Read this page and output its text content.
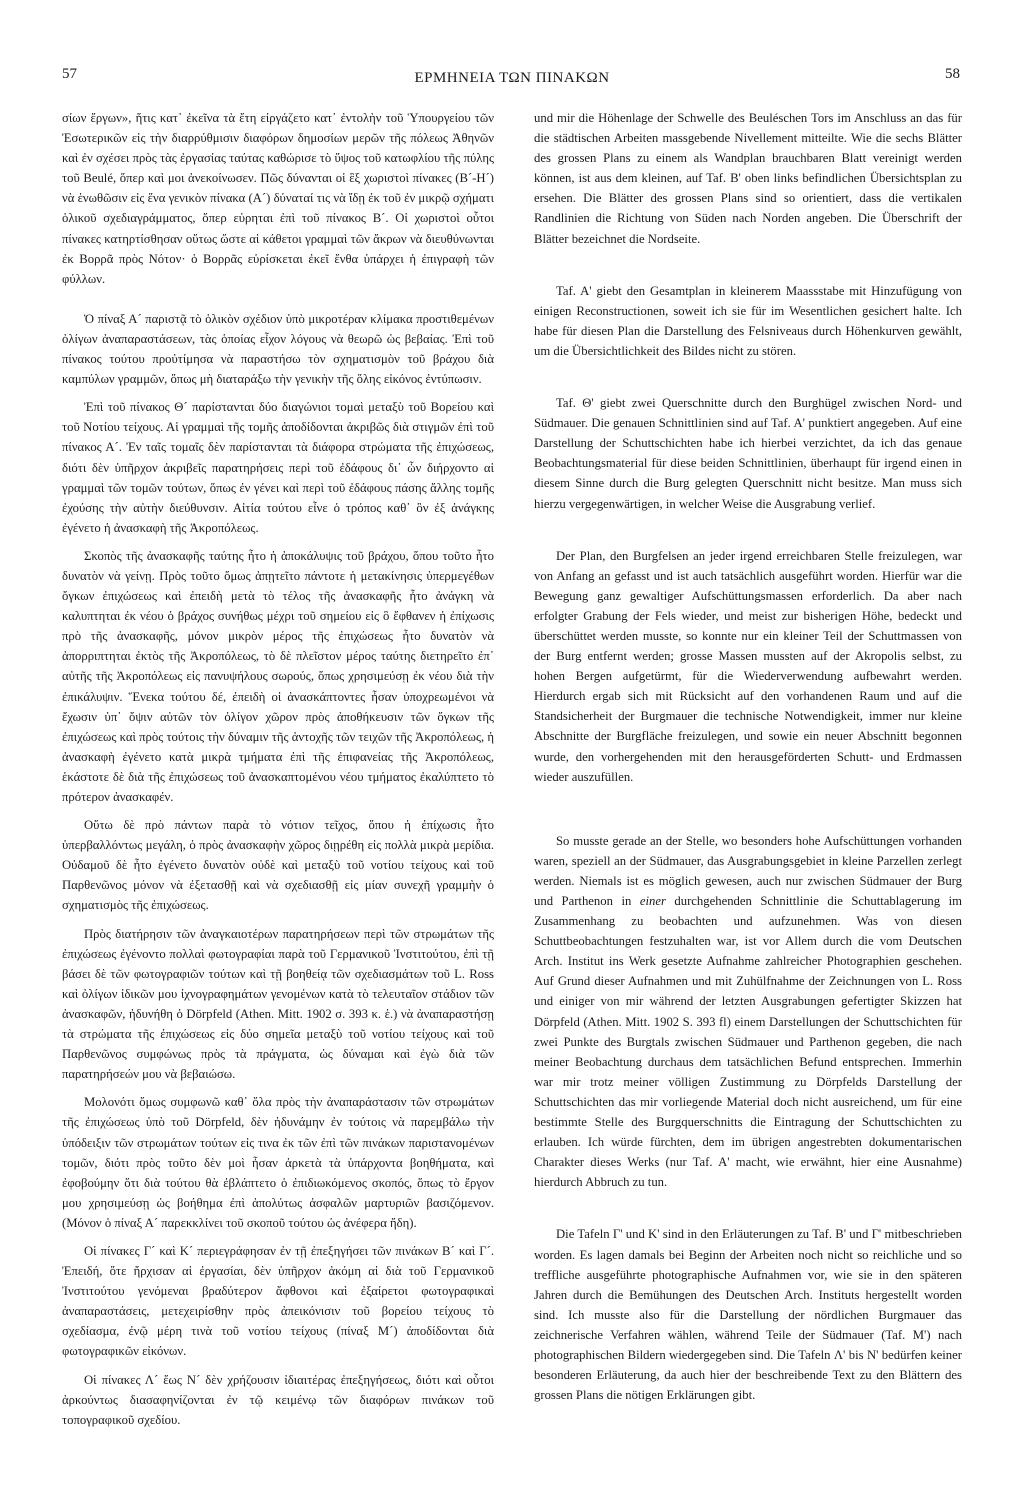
57	ΕΡΜΗΝΕΙΑ ΤΩΝ ΠΙΝΑΚΩΝ	58

σίων ἔργων», ἥτις κατ᾽ ἐκεῖνα τὰ ἔτη εἰργάζετο κατ᾽ ἐντολὴν τοῦ Ὑπουργείου τῶν Ἐσωτερικῶν εἰς τὴν διαρρύθμισιν διαφόρων δημοσίων μερῶν τῆς πόλεως Ἀθηνῶν καὶ ἐν σχέσει πρὸς τὰς ἐργασίας ταύτας καθώρισε τὸ ὕψος τοῦ κατωφλίου τῆς πύλης τοῦ Beulé, ὅπερ καὶ μοι ἀνεκοίνωσεν. Πῶς δύνανται οἱ ἓξ χωριστοὶ πίνακες (Β´-Η´) νὰ ἑνωθῶσιν εἰς ἕνα γενικὸν πίνακα (Α´) δύναταί τις νὰ ἴδῃ ἐκ τοῦ ἐν μικρῷ σχήματι ὁλικοῦ σχεδιαγράμματος, ὅπερ εὑρηται ἐπὶ τοῦ πίνακος Β´. Οἱ χωριστοὶ οὗτοι πίνακες κατηρτίσθησαν οὕτως ὥστε αἱ κάθετοι γραμμαὶ τῶν ἄκρων νὰ διευθύνωνται ἐκ Βορρᾶ πρὸς Νότον· ὁ Βορρᾶς εὑρίσκεται ἐκεῖ ἔνθα ὑπάρχει ἡ ἐπιγραφὴ τῶν φύλλων.

Ὁ πίναξ Α´ παριστᾷ τὸ ὁλικὸν σχέδιον ὑπὸ μικροτέραν κλίμακα προστιθεμένων ὀλίγων ἀναπαραστάσεων, τὰς ὁποίας εἶχον λόγους νὰ θεωρῶ ὡς βεβαίας. Ἐπὶ τοῦ πίνακος τούτου προὐτίμησα νὰ παραστήσω τὸν σχηματισμὸν τοῦ βράχου διὰ καμπύλων γραμμῶν, ὅπως μὴ διαταράξω τὴν γενικὴν τῆς ὅλης εἰκόνος ἐντύπωσιν.

Ἐπὶ τοῦ πίνακος Θ´ παρίστανται δύο διαγώνιοι τομαὶ μεταξὺ τοῦ Βορείου καὶ τοῦ Νοτίου τείχους. Αἱ γραμμαὶ τῆς τομῆς ἀποδίδονται ἀκριβῶς διὰ στιγμῶν ἐπὶ τοῦ πίνακος Α´. Ἐν ταῖς τομαῖς δὲν παρίστανται τὰ διάφορα στρώματα τῆς ἐπιχώσεως, διότι δὲν ὑπῆρχον ἀκριβεῖς παρατηρήσεις περὶ τοῦ ἐδάφους δι᾽ ὧν διήρχοντο αἱ γραμμαὶ τῶν τομῶν τούτων, ὅπως ἐν γένει καὶ περὶ τοῦ ἐδάφους πάσης ἄλλης τομῆς ἐχούσης τὴν αὐτὴν διεύθυνσιν. Αἰτία τούτου εἶνε ὁ τρόπος καθ᾽ ὃν ἐξ ἀνάγκης ἐγένετο ἡ ἀνασκαφὴ τῆς Ἀκροπόλεως.

Σκοπὸς τῆς ἀνασκαφῆς ταύτης ἦτο ἡ ἀποκάλυψις τοῦ βράχου, ὅπου τοῦτο ἦτο δυνατὸν νὰ γείνῃ. Πρὸς τοῦτο ὅμως ἀπῃτεῖτο πάντοτε ἡ μετακίνησις ὑπερμεγέθων ὄγκων ἐπιχώσεως καὶ ἐπειδὴ μετὰ τὸ τέλος τῆς ἀνασκαφῆς ἦτο ἀνάγκη νὰ καλυπτηται ἐκ νέου ὁ βράχος συνήθως μέχρι τοῦ σημείου εἰς ὃ ἔφθανεν ἡ ἐπίχωσις πρὸ τῆς ἀνασκαφῆς, μόνον μικρὸν μέρος τῆς ἐπιχώσεως ἦτο δυνατὸν νὰ ἀπορριπτηται ἐκτὸς τῆς Ἀκροπόλεως, τὸ δὲ πλεῖστον μέρος ταύτης διετηρεῖτο ἐπ᾽ αὐτῆς τῆς Ἀκροπόλεως εἰς πανυψήλους σωρούς, ὅπως χρησιμεύσῃ ἐκ νέου διὰ τὴν ἐπικάλυψιν. Ἕνεκα τούτου δέ, ἐπειδὴ οἱ ἀνασκάπτοντες ἦσαν ὑποχρεωμένοι νὰ ἔχωσιν ὑπ᾽ ὄψιν αὐτῶν τὸν ὀλίγον χῶρον πρὸς ἀποθήκευσιν τῶν ὄγκων τῆς ἐπιχώσεως καὶ πρὸς τούτοις τὴν δύναμιν τῆς ἀντοχῆς τῶν τειχῶν τῆς Ἀκροπόλεως, ἡ ἀνασκαφὴ ἐγένετο κατὰ μικρὰ τμήματα ἐπὶ τῆς ἐπιφανείας τῆς Ἀκροπόλεως, ἑκάστοτε δὲ διὰ τῆς ἐπιχώσεως τοῦ ἀνασκαπτομένου νέου τμήματος ἐκαλύπτετο τὸ πρότερον ἀνασκαφέν.

Οὕτω δὲ πρὸ πάντων παρὰ τὸ νότιον τεῖχος, ὅπου ἡ ἐπίχωσις ἦτο ὑπερβαλλόντως μεγάλη, ὁ πρὸς ἀνασκαφὴν χῶρος διῃρέθη εἰς πολλὰ μικρὰ μερίδια. Οὐδαμοῦ δὲ ἦτο ἐγένετο δυνατὸν οὐδὲ καὶ μεταξὺ τοῦ νοτίου τείχους καὶ τοῦ Παρθενῶνος μόνον νὰ ἐξετασθῇ καὶ νὰ σχεδιασθῇ εἰς μίαν συνεχῆ γραμμὴν ὁ σχηματισμὸς τῆς ἐπιχώσεως.

Πρὸς διατήρησιν τῶν ἀναγκαιοτέρων παρατηρήσεων περὶ τῶν στρωμάτων τῆς ἐπιχώσεως ἐγένοντο πολλαὶ φωτογραφίαι παρὰ τοῦ Γερμανικοῦ Ἰνστιτούτου, ἐπὶ τῇ βάσει δὲ τῶν φωτογραφιῶν τούτων καὶ τῇ βοηθείᾳ τῶν σχεδιασμάτων τοῦ L. Ross καὶ ὀλίγων ἰδικῶν μου ἰχνογραφημάτων γενομένων κατὰ τὸ τελευταῖον στάδιον τῶν ἀνασκαφῶν, ἠδυνήθη ὁ Dörpfeld (Athen. Mitt. 1902 σ. 393 κ. ἑ.) νὰ ἀναπαραστήσῃ τὰ στρώματα τῆς ἐπιχώσεως εἰς δύο σημεῖα μεταξὺ τοῦ νοτίου τείχους καὶ τοῦ Παρθενῶνος συμφώνως πρὸς τὰ πράγματα, ὡς δύναμαι καὶ ἐγὼ διὰ τῶν παρατηρήσεών μου νὰ βεβαιώσω.

Μολονότι ὅμως συμφωνῶ καθ᾽ ὅλα πρὸς τὴν ἀναπαράστασιν τῶν στρωμάτων τῆς ἐπιχώσεως ὑπὸ τοῦ Dörpfeld, δὲν ἠδυνάμην ἐν τούτοις νὰ παρεμβάλω τὴν ὑπόδειξιν τῶν στρωμάτων τούτων εἰς τινα ἐκ τῶν ἐπὶ τῶν πινάκων παριστανομένων τομῶν, διότι πρὸς τοῦτο δὲν μοὶ ἦσαν ἀρκετὰ τὰ ὑπάρχοντα βοηθήματα, καὶ ἐφοβούμην ὅτι διὰ τούτου θὰ ἐβλάπτετο ὁ ἐπιδιωκόμενος σκοπός, ὅπως τὸ ἔργον μου χρησιμεύσῃ ὡς βοήθημα ἐπὶ ἀπολύτως ἀσφαλῶν μαρτυριῶν βασιζόμενον. (Μόνον ὁ πίναξ Α´ παρεκκλίνει τοῦ σκοποῦ τούτου ὡς ἀνέφερα ἤδη).

Οἱ πίνακες Γ´ καὶ Κ´ περιεγράφησαν ἐν τῇ ἐπεξηγήσει τῶν πινάκων Β´ καὶ Γ´. Ἐπειδή, ὅτε ἤρχισαν αἱ ἐργασίαι, δὲν ὑπῆρχον ἀκόμη αἱ διὰ τοῦ Γερμανικοῦ Ἰνστιτούτου γενόμεναι βραδύτερον ἄφθονοι καὶ ἐξαίρετοι φωτογραφικαὶ ἀναπαραστάσεις, μετεχειρίσθην πρὸς ἀπεικόνισιν τοῦ βορείου τείχους τὸ σχεδίασμα, ἐνῷ μέρη τινὰ τοῦ νοτίου τείχους (πίναξ Μ´) ἀποδίδονται διὰ φωτογραφικῶν εἰκόνων.

Οἱ πίνακες Λ´ ἕως Ν´ δὲν χρήζουσιν ἰδιαιτέρας ἐπεξηγήσεως, διότι καὶ οὗτοι ἀρκούντως διασαφηνίζονται ἐν τῷ κειμένῳ τῶν διαφόρων πινάκων τοῦ τοπογραφικοῦ σχεδίου.

und mir die Höhenlage der Schwelle des Beuléschen Tors im Anschluss an das für die städtischen Arbeiten massgebende Nivellement mitteilte. Wie die sechs Blätter des grossen Plans zu einem als Wandplan brauchbaren Blatt vereinigt werden können, ist aus dem kleinen, auf Taf. B' oben links befindlichen Übersichtsplan zu ersehen. Die Blätter des grossen Plans sind so orientiert, dass die vertikalen Randlinien die Richtung von Süden nach Norden angeben. Die Überschrift der Blätter bezeichnet die Nordseite.

Taf. A' giebt den Gesamtplan in kleinerem Maassstabe mit Hinzufügung von einigen Reconstructionen, soweit ich sie für im Wesentlichen gesichert halte. Ich habe für diesen Plan die Darstellung des Felsniveaus durch Höhenkurven gewählt, um die Übersichtlichkeit des Bildes nicht zu stören.

Taf. Θ' giebt zwei Querschnitte durch den Burghügel zwischen Nord- und Südmauer. Die genauen Schnittlinien sind auf Taf. A' punktiert angegeben. Auf eine Darstellung der Schuttschichten habe ich hierbei verzichtet, da ich das genaue Beobachtungsmaterial für diese beiden Schnittlinien, überhaupt für irgend einen in diesem Sinne durch die Burg gelegten Querschnitt nicht besitze. Man muss sich hierzu vergegenwärtigen, in welcher Weise die Ausgrabung verlief.

Der Plan, den Burgfelsen an jeder irgend erreichbaren Stelle freizulegen, war von Anfang an gefasst und ist auch tatsächlich ausgeführt worden. Hierfür war die Bewegung ganz gewaltiger Aufschüttungsmassen erforderlich. Da aber nach erfolgter Grabung der Fels wieder, und meist zur bisherigen Höhe, bedeckt und überschüttet werden musste, so konnte nur ein kleiner Teil der Schuttmassen von der Burg entfernt werden; grosse Massen mussten auf der Akropolis selbst, zu hohen Bergen aufgetürmt, für die Wiederverwendung aufbewahrt werden. Hierdurch ergab sich mit Rücksicht auf den vorhandenen Raum und auf die Standsicherheit der Burgmauer die technische Notwendigkeit, immer nur kleine Abschnitte der Burgfläche freizulegen, und sowie ein neuer Abschnitt begonnen wurde, den vorhergehenden mit den herausgeförderten Schutt- und Erdmassen wieder auszufüllen.

So musste gerade an der Stelle, wo besonders hohe Aufschüttungen vorhanden waren, speziell an der Südmauer, das Ausgrabungsgebiet in kleine Parzellen zerlegt werden. Niemals ist es möglich gewesen, auch nur zwischen Südmauer der Burg und Parthenon in einer durchgehenden Schnittlinie die Schuttablagerung im Zusammenhang zu beobachten und aufzunehmen. Was von diesen Schuttbeobachtungen festzuhalten war, ist vor Allem durch die vom Deutschen Arch. Institut ins Werk gesetzte Aufnahme zahlreicher Photographien geschehen. Auf Grund dieser Aufnahmen und mit Zuhülfnahme der Zeichnungen von L. Ross und einiger von mir während der letzten Ausgrabungen gefertigter Skizzen hat Dörpfeld (Athen. Mitt. 1902 S. 393 fl) einem Darstellungen der Schuttschichten für zwei Punkte des Burgtals zwischen Südmauer und Parthenon gegeben, die nach meiner Beobachtung durchaus dem tatsächlichen Befund entsprechen. Immerhin war mir trotz meiner völligen Zustimmung zu Dörpfelds Darstellung der Schuttschichten das mir vorliegende Material doch nicht ausreichend, um für eine bestimmte Stelle des Burgquerschnitts die Eintragung der Schuttschichten zu erlauben. Ich würde fürchten, dem im übrigen angestrebten dokumentarischen Charakter dieses Werks (nur Taf. A' macht, wie erwähnt, hier eine Ausnahme) hierdurch Abbruch zu tun.

Die Tafeln Γ' und K' sind in den Erläuterungen zu Taf. B' und Γ' mitbeschrieben worden. Es lagen damals bei Beginn der Arbeiten noch nicht so reichliche und so treffliche ausgeführte photographische Aufnahmen vor, wie sie in den späteren Jahren durch die Bemühungen des Deutschen Arch. Instituts hergestellt worden sind. Ich musste also für die Darstellung der nördlichen Burgmauer das zeichnerische Verfahren wählen, während Teile der Südmauer (Taf. M') nach photographischen Bildern wiedergegeben sind. Die Tafeln Λ' bis N' bedürfen keiner besonderen Erläuterung, da auch hier der beschreibende Text zu den Blättern des grossen Plans die nötigen Erklärungen gibt.
